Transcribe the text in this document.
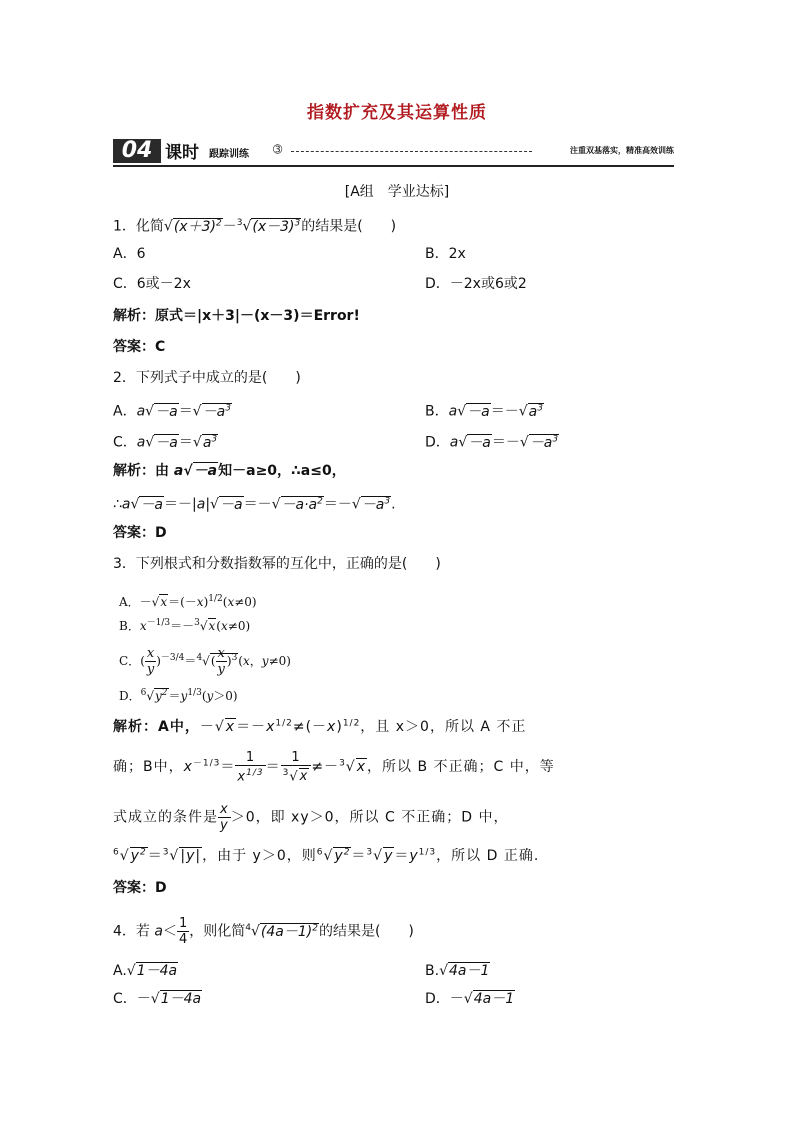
指数扩充及其运算性质
04 课时 跟踪训练 ➂	注重双基落实，精准高效训练
[A组　学业达标]
1．化简$√(x+3)^2-^3√(x-3)^3$的结果是(　　)
A．6	B．2x
C．6或－2x	D．－2x或6或2
解析：原式＝|x＋3|－(x－3)＝Error!
答案：C
2．下列式子中成立的是(　　)
A．$a√-a=√-a^3$	B．$a√-a=-√a^3$
C．$a√-a=√a^3$	D．$a√-a=-√-a^3$
解析：由 a√－a知－a≥0，∴a≤0，
$\therefore a√-a=-|a|√-a=-√-a\cdot a^2=-√-a^3$.
答案：D
3．下列根式和分数指数幂的互化中，正确的是(　　)
A．$-√x=(-x)^{1/2}(x\ne 0)$
B．$x^{-1/3}=-^3√x(x\ne 0)$
C．( $\frac{x}{y} )^{-3/4}=^4√( \frac{x}{y} )^3(x$，y≠0)
D．$^6√y^2=y^{1/3}(y>0)$
解析：A中，$-√x=-x^{1/2}\ne(-x)^{1/2}$，且 x＞0，所以 A 不正
确；B中，$x^{-1/3}= \frac{1}{x^{1/3}} = \frac{1}{^3√x} \ne-^3√x$，所以 B 不正确；C 中，等
式成立的条件是 $\frac{x}{y} >0$，即 xy＞0，所以 C 不正确；D 中，
$^6√y^2=^3√|y|$，由于 y＞0，则$^6√y^2=^3√y=y^{1/3}$，所以 D 正确.
答案：D
4．若 $a< \frac{1}{4}$ ，则化简$^4√(4a-1)^2$的结果是(　　)
A.√1－4a	B.√4a－1
C．－√1－4a	D．－√4a－1
